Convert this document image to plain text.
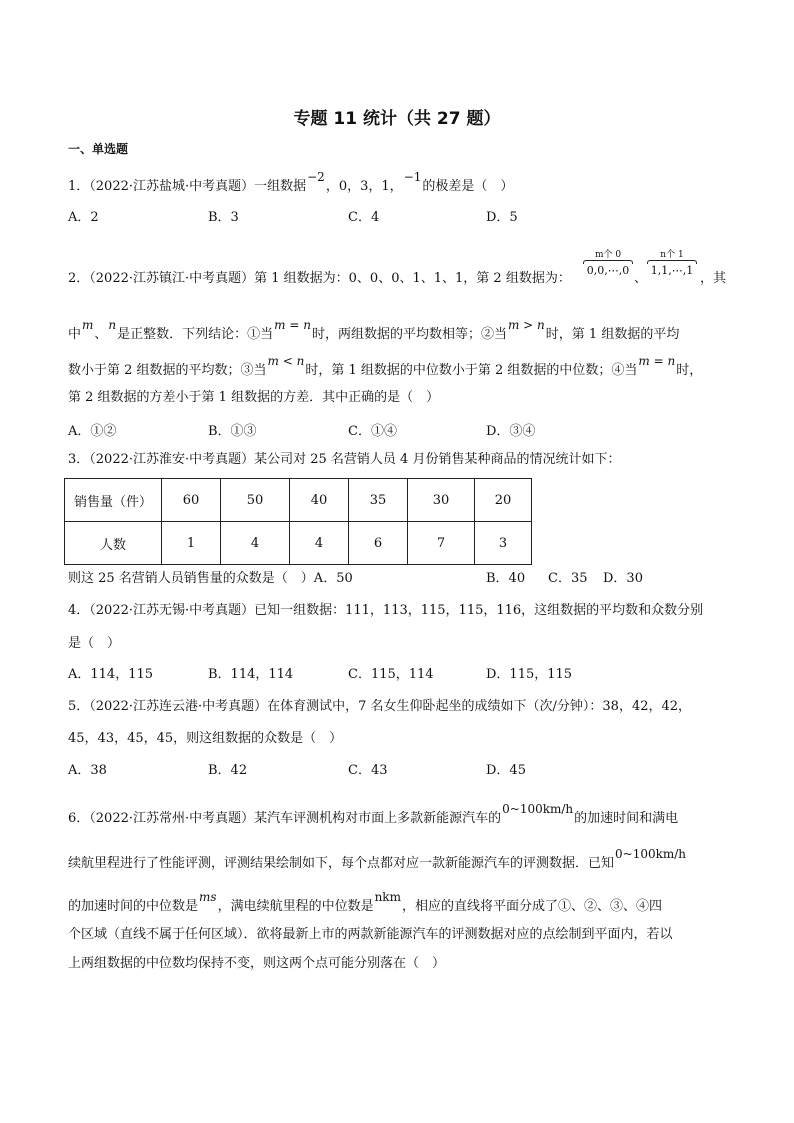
专题 11 统计（共 27 题）
一、单选题
1．（2022·江苏盐城·中考真题）一组数据−2，0，3，1，−1的极差是（　）
A．2	B．3	C．4	D．5
2．（2022·江苏镇江·中考真题）第 1 组数据为：0、0、0、1、1、1，第 2 组数据为：
m个 0
0,0,⋯,0
、
n个 1
1,1,⋯,1
，其
中m、n是正整数．下列结论：①当m = n时，两组数据的平均数相等；②当m > n时，第 1 组数据的平均
数小于第 2 组数据的平均数；③当m < n时，第 1 组数据的中位数小于第 2 组数据的中位数；④当m = n时，
第 2 组数据的方差小于第 1 组数据的方差．其中正确的是（　）
A．①②	B．①③	C．①④	D．③④
3．（2022·江苏淮安·中考真题）某公司对 25 名营销人员 4 月份销售某种商品的情况统计如下：
销售量（件）	60	50	40	35	30	20
人数	1	4	4	6	7	3
则这 25 名营销人员销售量的众数是（　）A．50	B．40 C．35 D．30
4．（2022·江苏无锡·中考真题）已知一组数据：111，113，115，115，116，这组数据的平均数和众数分别
是（　）
A．114，115	B．114，114	C．115，114	D．115，115
5．（2022·江苏连云港·中考真题）在体育测试中，7 名女生仰卧起坐的成绩如下（次/分钟）：38，42，42，
45，43，45，45，则这组数据的众数是（　）
A．38	B．42	C．43	D．45
6．（2022·江苏常州·中考真题）某汽车评测机构对市面上多款新能源汽车的0~100km/h的加速时间和满电
续航里程进行了性能评测，评测结果绘制如下，每个点都对应一款新能源汽车的评测数据．已知0~100km/h
的加速时间的中位数是ms，满电续航里程的中位数是nkm，相应的直线将平面分成了①、②、③、④四
个区域（直线不属于任何区域）．欲将最新上市的两款新能源汽车的评测数据对应的点绘制到平面内，若以
上两组数据的中位数均保持不变，则这两个点可能分别落在（　）
